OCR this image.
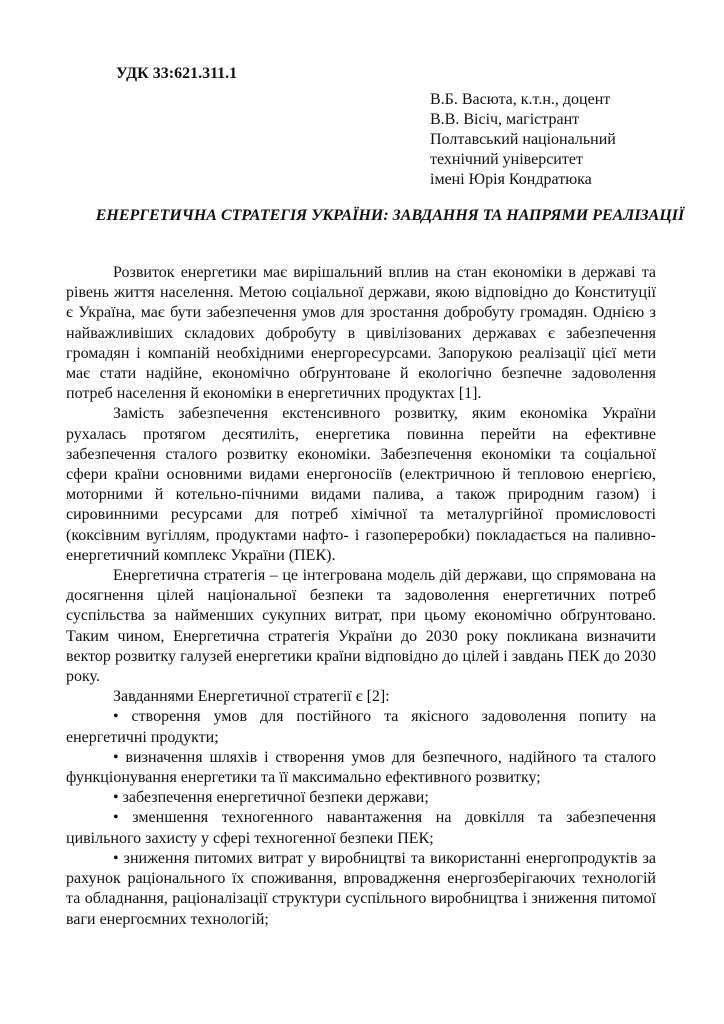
УДК 33:621.311.1
В.Б. Васюта, к.т.н., доцент
В.В. Вісіч, магістрант
Полтавський національний
технічний університет
імені Юрія Кондратюка
ЕНЕРГЕТИЧНА СТРАТЕГІЯ УКРАЇНИ: ЗАВДАННЯ ТА НАПРЯМИ РЕАЛІЗАЦІЇ

Розвиток енергетики має вирішальний вплив на стан економіки в державі та рівень життя населення. Метою соціальної держави, якою відповідно до Конституції є Україна, має бути забезпечення умов для зростання добробуту громадян. Однією з найважливіших складових добробуту в цивілізованих державах є забезпечення громадян і компаній необхідними енергоресурсами. Запорукою реалізації цієї мети має стати надійне, економічно обґрунтоване й екологічно безпечне задоволення потреб населення й економіки в енергетичних продуктах [1].

Замість забезпечення екстенсивного розвитку, яким економіка України рухалась протягом десятиліть, енергетика повинна перейти на ефективне забезпечення сталого розвитку економіки. Забезпечення економіки та соціальної сфери країни основними видами енергоносіїв (електричною й тепловою енергією, моторними й котельно-пічними видами палива, а також природним газом) і сировинними ресурсами для потреб хімічної та металургійної промисловості (коксівним вугіллям, продуктами нафто- і газопереробки) покладається на паливно-енергетичний комплекс України (ПЕК).

Енергетична стратегія – це інтегрована модель дій держави, що спрямована на досягнення цілей національної безпеки та задоволення енергетичних потреб суспільства за найменших сукупних витрат, при цьому економічно обґрунтовано. Таким чином, Енергетична стратегія України до 2030 року покликана визначити вектор розвитку галузей енергетики країни відповідно до цілей і завдань ПЕК до 2030 року.

Завданнями Енергетичної стратегії є [2]:

• створення умов для постійного та якісного задоволення попиту на енергетичні продукти;

• визначення шляхів і створення умов для безпечного, надійного та сталого функціонування енергетики та її максимально ефективного розвитку;

• забезпечення енергетичної безпеки держави;

• зменшення техногенного навантаження на довкілля та забезпечення цивільного захисту у сфері техногенної безпеки ПЕК;

• зниження питомих витрат у виробництві та використанні енергопродуктів за рахунок раціонального їх споживання, впровадження енергозберігаючих технологій та обладнання, раціоналізації структури суспільного виробництва і зниження питомої ваги енергоємних технологій;
